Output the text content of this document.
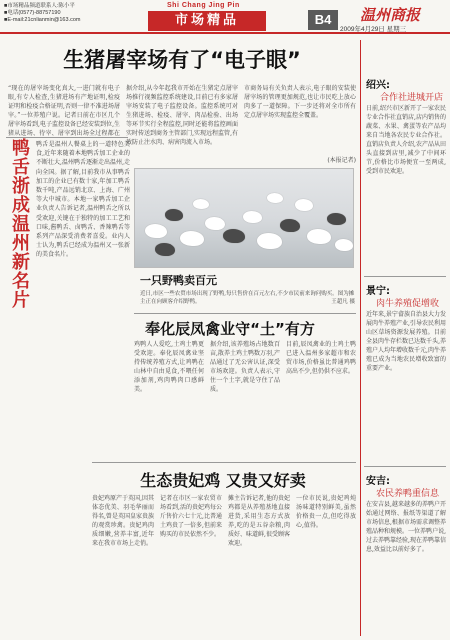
■市场精品频道联系人:陈小平
■电话(0577)-88757190
■E-mail:21cnlianmin@163.com
Shi Chang Jing Pin
市场精品	B4	温州商报
2009年4月29日 星期三
生猪屠宰场有了“电子眼”
“现在的屠宰场变化真大,一进门就有电子眼,有专人检查,生猪进场有产地证明,检疫证明和检疫合格证明,否则一律不准进场屠宰。”一位养殖户说。记者日前在市区几个屠宰场看到,电子监控设备已经安装到位,生猪从进场、待宰、屠宰到出场全过程都在
据介绍,从今年起我市开始在生猪定点屠宰场推行视频监控系统建设,目前已有多家屠宰场安装了电子监控设备。监控系统可对生猪进场、检疫、屠宰、肉品检验、出场等环节实行全程监控,同时还能将监控画面实时传送到商务主管部门,实现远程监管,有效防止注水肉、病害肉流入市场。
市商务局有关负责人表示,电子眼的安装使屠宰场的管理更加规范,也让市民吃上放心肉多了一道保障。下一步还将对全市所有定点屠宰场实现监控全覆盖。
(本报记者)
鸭舌浙成温州新名片	鸭舌是温州人餐桌上的一道特色美食,近年来随着本地鸭舌加工企业的不断壮大,温州鸭舌逐渐走出温州,走向全国。据了解,目前我市从事鸭舌加工的企业已有数十家,年加工鸭舌数千吨,产品远销北京、上海、广州等大中城市。本地一家鸭舌加工企业负责人告诉记者,温州鸭舌之所以受欢迎,关键在于独特的加工工艺和口味,酱鸭舌、卤鸭舌、香辣鸭舌等系列产品深受消费者喜爱。业内人士认为,鸭舌已经成为温州又一张新的美食名片。
一只野鸭卖百元
近日,市区一些农贸市场出现了野鸭,每只售价在百元左右,不少市民前来询问购买。图为摊主正在向顾客介绍野鸭。	王超凡 摄
奉化辰凤禽业守“土”有方
鸡鸭人人爱吃,土鸡土鸭更受欢迎。奉化辰凤禽业坚持传统养殖方式,让鸡鸭在山林中自由觅食,不喂任何添加剂,鸡肉鸭肉口感鲜美。
据介绍,该养殖场占地数百亩,散养土鸡土鸭数万羽,产品通过了无公害认证,深受市场欢迎。负责人表示,守住一个土字,就是守住了品质。
目前,辰凤禽业的土鸡土鸭已进入温州多家超市和农贸市场,价格虽比普通鸡鸭高出不少,但仍供不应求。
生态贵妃鸡 又贵又好卖
贵妃鸡原产于英国,因其体态优美、羽毛华丽而得名,曾是英国皇家贵族的观赏珍禽。贵妃鸡肉质细嫩,营养丰富,近年来在我市市场上走俏。
记者在市区一家农贸市场看到,活的贵妃鸡每公斤售价六七十元,比普通土鸡贵了一倍多,但前来购买的市民依然不少。
摊主告诉记者,他的贵妃鸡都是从养殖基地直接进货,采用生态方式放养,吃的是五谷杂粮,肉质好、味道鲜,很受顾客欢迎。
一位市民说,贵妃鸡炖汤味道特别鲜美,虽然价格贵一点,但吃得放心,值得。
绍兴:
合作社进城开店
日前,绍兴市区新开了一家农民专业合作社直销店,店内销售的蔬菜、水果、禽蛋等农产品均来自当地各农民专业合作社。直销店负责人介绍,农产品从田头直接到店里,减少了中间环节,价格比市场便宜一至两成,受到市民欢迎。
景宁:
肉牛养殖促增收
近年来,景宁畲族自治县大力发展肉牛养殖产业,引导农民利用山区草场资源发展养殖。目前全县肉牛存栏数已达数千头,养殖户人均年增收数千元,肉牛养殖已成为当地农民增收致富的重要产业。
安吉:
农民养鸭重信息
在安吉县,越来越多的养鸭户开始通过网络、报纸等渠道了解市场信息,根据市场需求调整养殖品种和规模。一位养鸭户说,过去养鸭靠经验,现在养鸭靠信息,效益比以前好多了。
